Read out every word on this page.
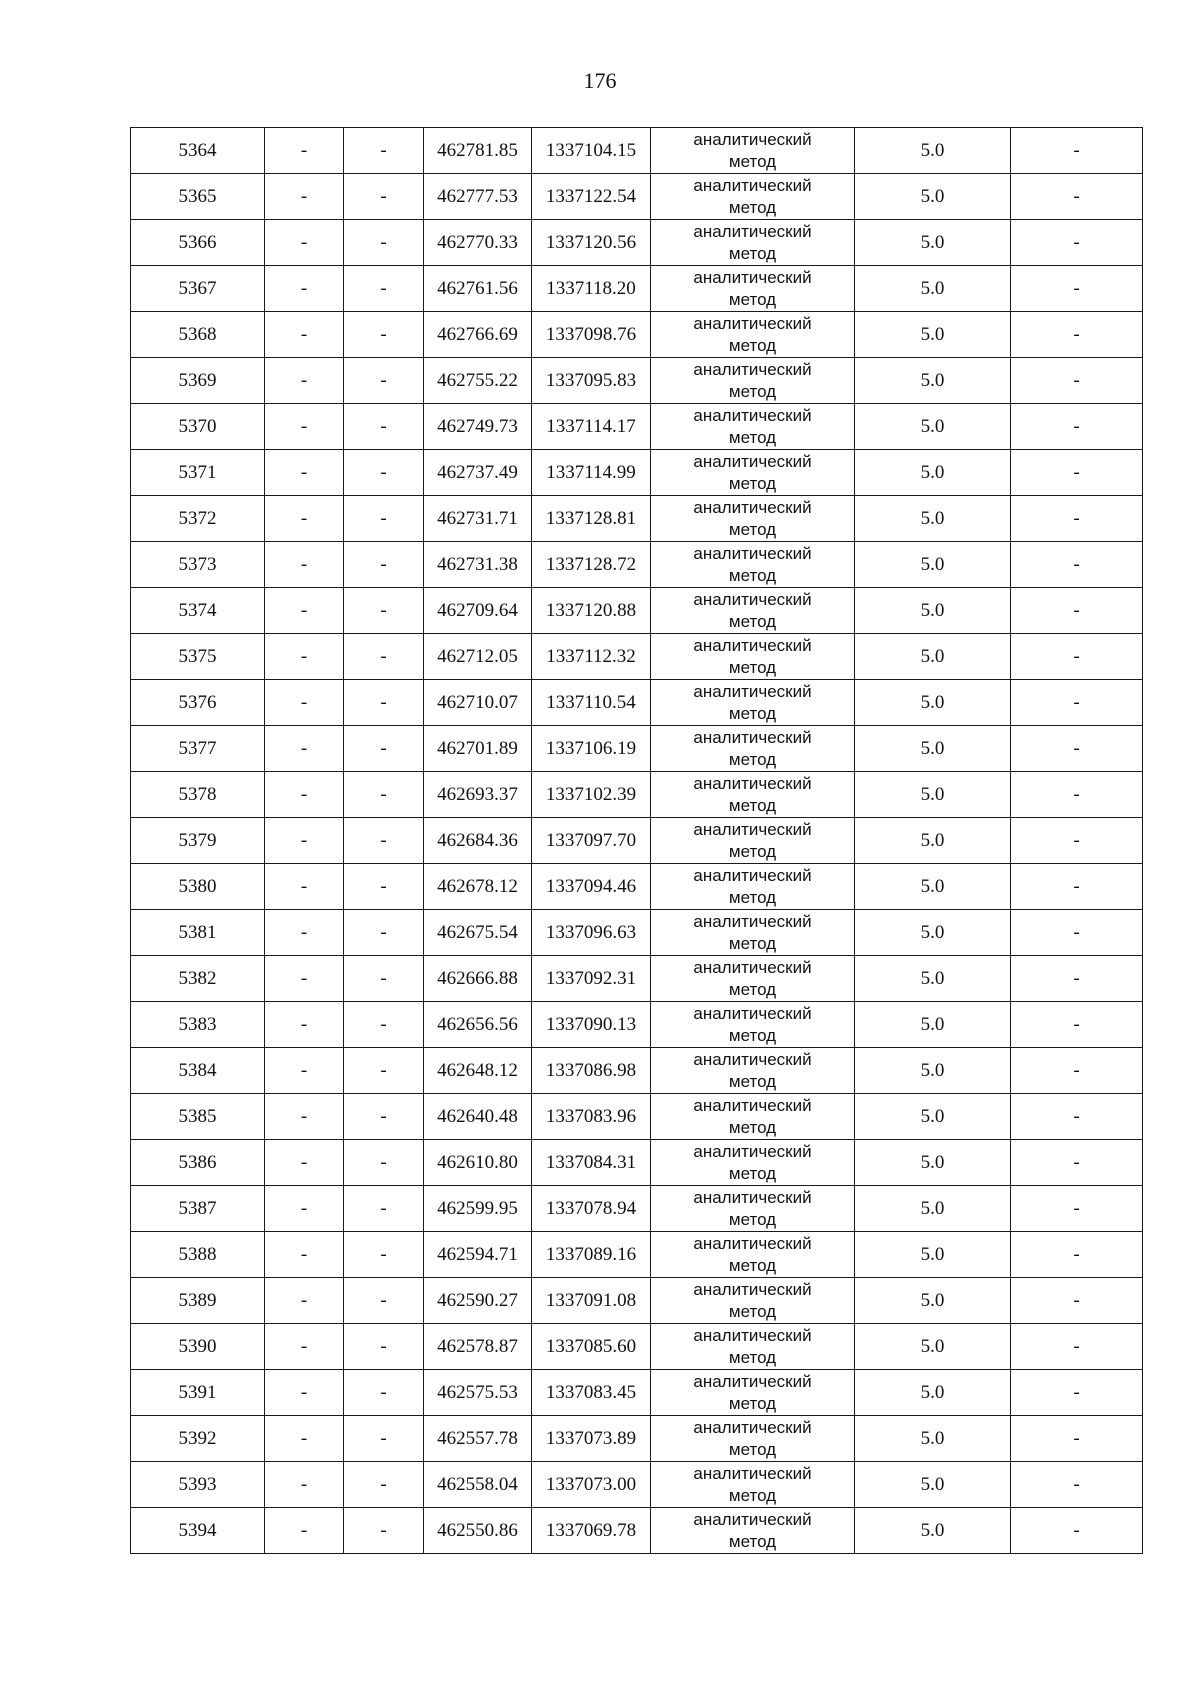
176
5364	-	-	462781.85	1337104.15	аналитический
метод	5.0	-
5365	-	-	462777.53	1337122.54	аналитический
метод	5.0	-
5366	-	-	462770.33	1337120.56	аналитический
метод	5.0	-
5367	-	-	462761.56	1337118.20	аналитический
метод	5.0	-
5368	-	-	462766.69	1337098.76	аналитический
метод	5.0	-
5369	-	-	462755.22	1337095.83	аналитический
метод	5.0	-
5370	-	-	462749.73	1337114.17	аналитический
метод	5.0	-
5371	-	-	462737.49	1337114.99	аналитический
метод	5.0	-
5372	-	-	462731.71	1337128.81	аналитический
метод	5.0	-
5373	-	-	462731.38	1337128.72	аналитический
метод	5.0	-
5374	-	-	462709.64	1337120.88	аналитический
метод	5.0	-
5375	-	-	462712.05	1337112.32	аналитический
метод	5.0	-
5376	-	-	462710.07	1337110.54	аналитический
метод	5.0	-
5377	-	-	462701.89	1337106.19	аналитический
метод	5.0	-
5378	-	-	462693.37	1337102.39	аналитический
метод	5.0	-
5379	-	-	462684.36	1337097.70	аналитический
метод	5.0	-
5380	-	-	462678.12	1337094.46	аналитический
метод	5.0	-
5381	-	-	462675.54	1337096.63	аналитический
метод	5.0	-
5382	-	-	462666.88	1337092.31	аналитический
метод	5.0	-
5383	-	-	462656.56	1337090.13	аналитический
метод	5.0	-
5384	-	-	462648.12	1337086.98	аналитический
метод	5.0	-
5385	-	-	462640.48	1337083.96	аналитический
метод	5.0	-
5386	-	-	462610.80	1337084.31	аналитический
метод	5.0	-
5387	-	-	462599.95	1337078.94	аналитический
метод	5.0	-
5388	-	-	462594.71	1337089.16	аналитический
метод	5.0	-
5389	-	-	462590.27	1337091.08	аналитический
метод	5.0	-
5390	-	-	462578.87	1337085.60	аналитический
метод	5.0	-
5391	-	-	462575.53	1337083.45	аналитический
метод	5.0	-
5392	-	-	462557.78	1337073.89	аналитический
метод	5.0	-
5393	-	-	462558.04	1337073.00	аналитический
метод	5.0	-
5394	-	-	462550.86	1337069.78	аналитический
метод	5.0	-
